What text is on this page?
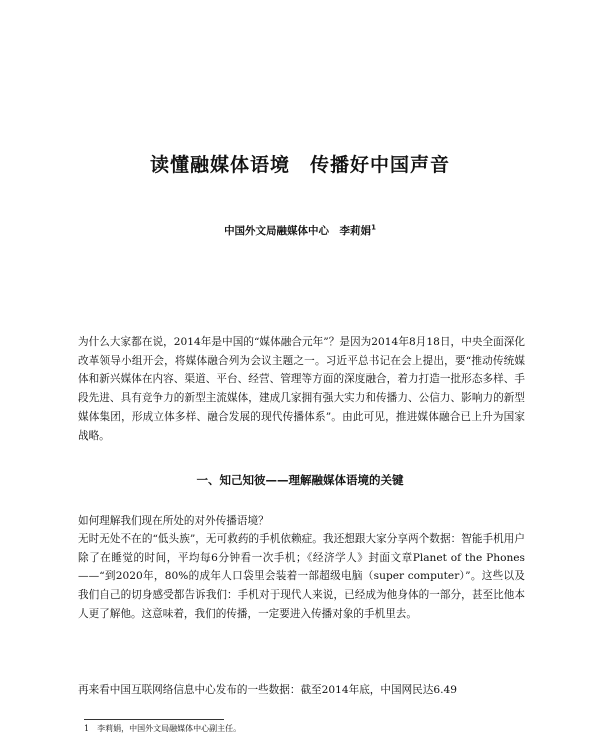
读懂融媒体语境　传播好中国声音
中国外文局融媒体中心　李莉娟$^1$

为什么大家都在说，2014年是中国的“媒体融合元年”？是因为2014年8月18日，中央全面深化改革领导小组开会，将媒体融合列为会议主题之一。习近平总书记在会上提出，要“推动传统媒体和新兴媒体在内容、渠道、平台、经营、管理等方面的深度融合，着力打造一批形态多样、手段先进、具有竞争力的新型主流媒体，建成几家拥有强大实力和传播力、公信力、影响力的新型媒体集团，形成立体多样、融合发展的现代传播体系”。由此可见，推进媒体融合已上升为国家战略。

一、知己知彼——理解融媒体语境的关键

如何理解我们现在所处的对外传播语境？

无时无处不在的“低头族”，无可救药的手机依赖症。我还想跟大家分享两个数据：智能手机用户除了在睡觉的时间，平均每6分钟看一次手机；《经济学人》封面文章Planet of the Phones——“到2020年，80%的成年人口袋里会装着一部超级电脑（super computer）”。这些以及我们自己的切身感受都告诉我们：手机对于现代人来说，已经成为他身体的一部分，甚至比他本人更了解他。这意味着，我们的传播，一定要进入传播对象的手机里去。

再来看中国互联网络信息中心发布的一些数据：截至2014年底，中国网民达6.49

1　李莉娟，中国外文局融媒体中心副主任。
